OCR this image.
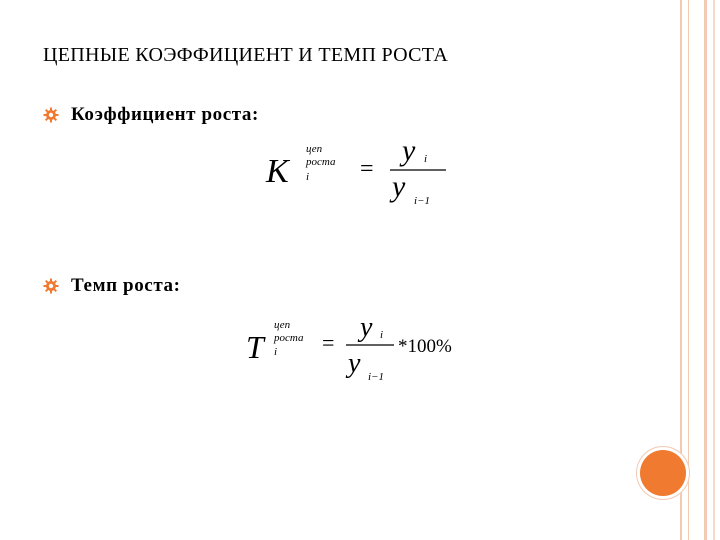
ЦЕПНЫЕ КОЭФФИЦИЕНТ И ТЕМП РОСТА
Коэффициент роста:
K
цеп
роста
i =
y i
y i−1
Темп роста:
T
цеп
роста
i = y i
y i−1
*100%
